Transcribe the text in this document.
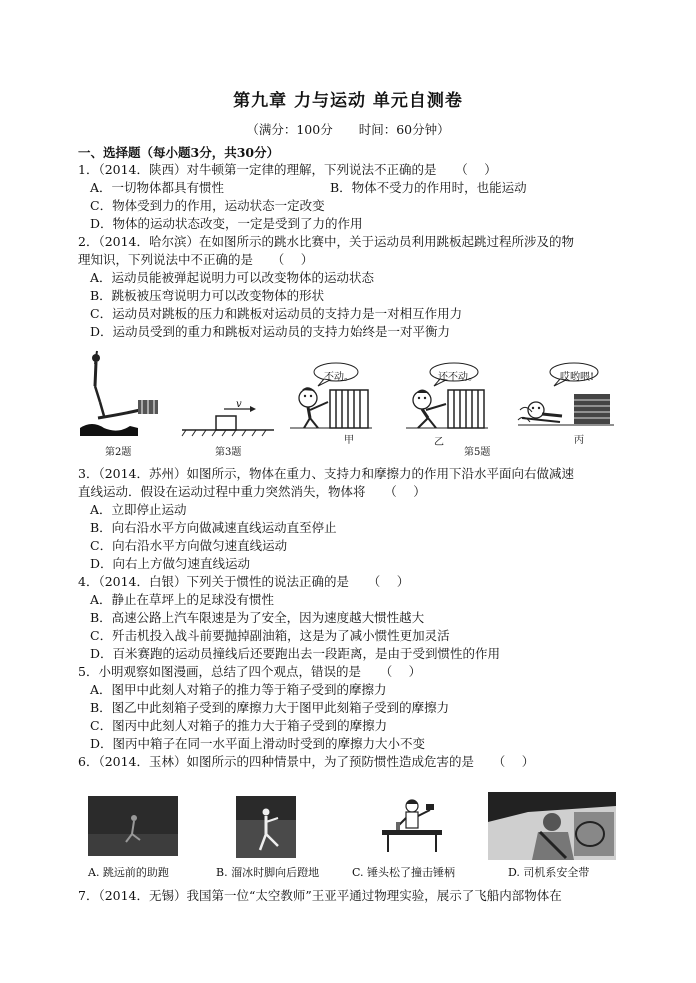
第九章 力与运动 单元自测卷
（满分：100分 时间：60分钟）
一、选择题（每小题3分，共30分）
1．（2014．陕西）对牛顿第一定律的理解，下列说法不正确的是　　（　 ）
A．一切物体都具有惯性	B．物体不受力的作用时，也能运动
C．物体受到力的作用，运动状态一定改变
D．物体的运动状态改变，一定是受到了力的作用
2．（2014．哈尔滨）在如图所示的跳水比赛中，关于运动员利用跳板起跳过程所涉及的物
理知识，下列说法中不正确的是　　（　 ）
A．运动员能被弹起说明力可以改变物体的运动状态
B．跳板被压弯说明力可以改变物体的形状
C．运动员对跳板的压力和跳板对运动员的支持力是一对相互作用力
D．运动员受到的重力和跳板对运动员的支持力始终是一对平衡力
第2题
v
第3题
不动。
甲
还不动。
乙
第5题
哎哟喂!
丙
3．（2014．苏州）如图所示，物体在重力、支持力和摩擦力的作用下沿水平面向右做减速
直线运动．假设在运动过程中重力突然消失，物体将　　（　 ）
A．立即停止运动
B．向右沿水平方向做减速直线运动直至停止
C．向右沿水平方向做匀速直线运动
D．向右上方做匀速直线运动
4．（2014．白银）下列关于惯性的说法正确的是　　（　 ）
A．静止在草坪上的足球没有惯性
B．高速公路上汽车限速是为了安全，因为速度越大惯性越大
C．歼击机投入战斗前要抛掉副油箱，这是为了减小惯性更加灵活
D．百米赛跑的运动员撞线后还要跑出去一段距离，是由于受到惯性的作用
5．小明观察如图漫画，总结了四个观点，错误的是　　（　 ）
A．图甲中此刻人对箱子的推力等于箱子受到的摩擦力
B．图乙中此刻箱子受到的摩擦力大于图甲此刻箱子受到的摩擦力
C．图丙中此刻人对箱子的推力大于箱子受到的摩擦力
D．图丙中箱子在同一水平面上滑动时受到的摩擦力大小不变
6．（2014．玉林）如图所示的四种情景中，为了预防惯性造成危害的是　　（　 ）
A. 跳远前的助跑	B. 溜冰时脚向后蹬地	C. 锤头松了撞击锤柄	D. 司机系安全带
7．（2014．无锡）我国第一位“太空教师”王亚平通过物理实验，展示了飞船内部物体在
